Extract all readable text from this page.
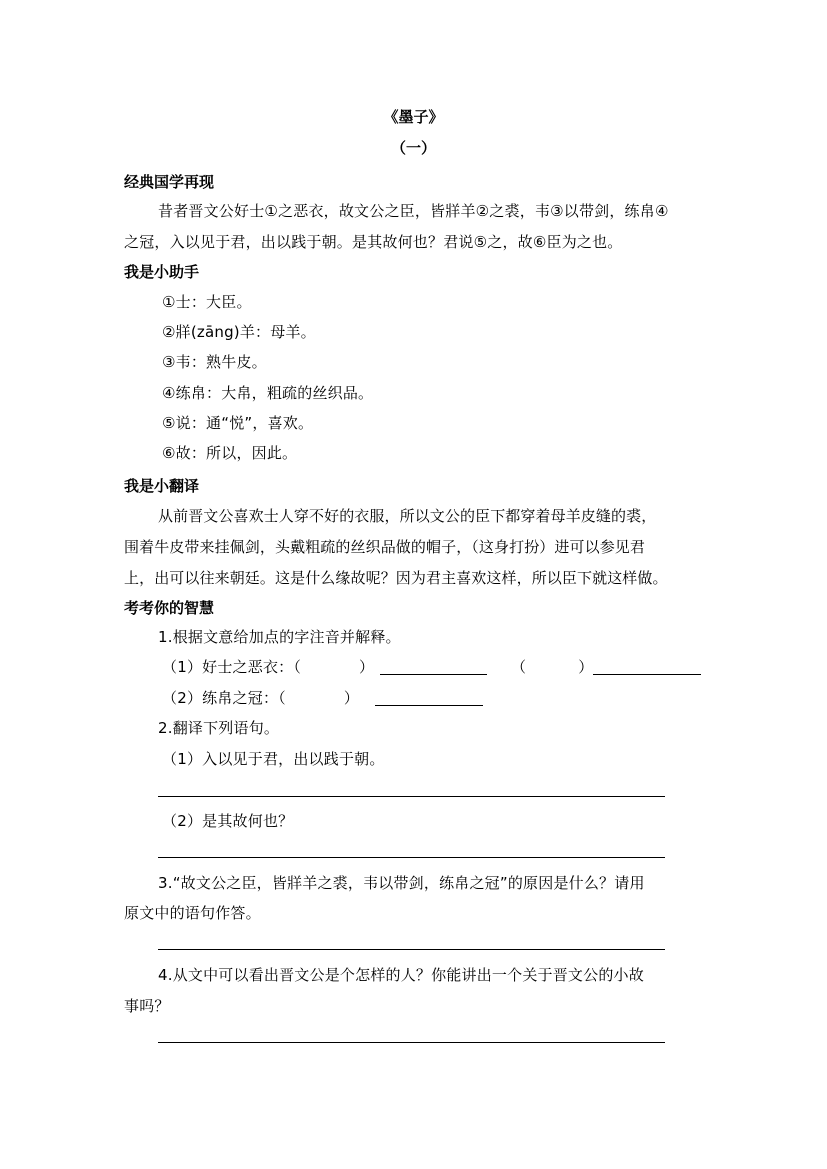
《墨子》
（一）
经典国学再现
昔者晋文公好士①之恶衣，故文公之臣，皆牂羊②之裘，韦③以带剑，练帛④
之冠，入以见于君，出以践于朝。是其故何也？君说⑤之，故⑥臣为之也。
我是小助手
①士：大臣。
②牂(zāng)羊：母羊。
③韦：熟牛皮。
④练帛：大帛，粗疏的丝织品。
⑤说：通“悦”，喜欢。
⑥故：所以，因此。
我是小翻译
从前晋文公喜欢士人穿不好的衣服，所以文公的臣下都穿着母羊皮缝的裘，
围着牛皮带来挂佩剑，头戴粗疏的丝织品做的帽子，（这身打扮）进可以参见君
上，出可以往来朝廷。这是什么缘故呢？因为君主喜欢这样，所以臣下就这样做。
考考你的智慧
1.根据文意给加点的字注音并解释。
（1）好士之恶衣：（	）	（	）
（2）练帛之冠：（	）
2.翻译下列语句。
（1）入以见于君，出以践于朝。
（2）是其故何也？
3.“故文公之臣，皆牂羊之裘，韦以带剑，练帛之冠”的原因是什么？请用
原文中的语句作答。
4.从文中可以看出晋文公是个怎样的人？你能讲出一个关于晋文公的小故
事吗？
